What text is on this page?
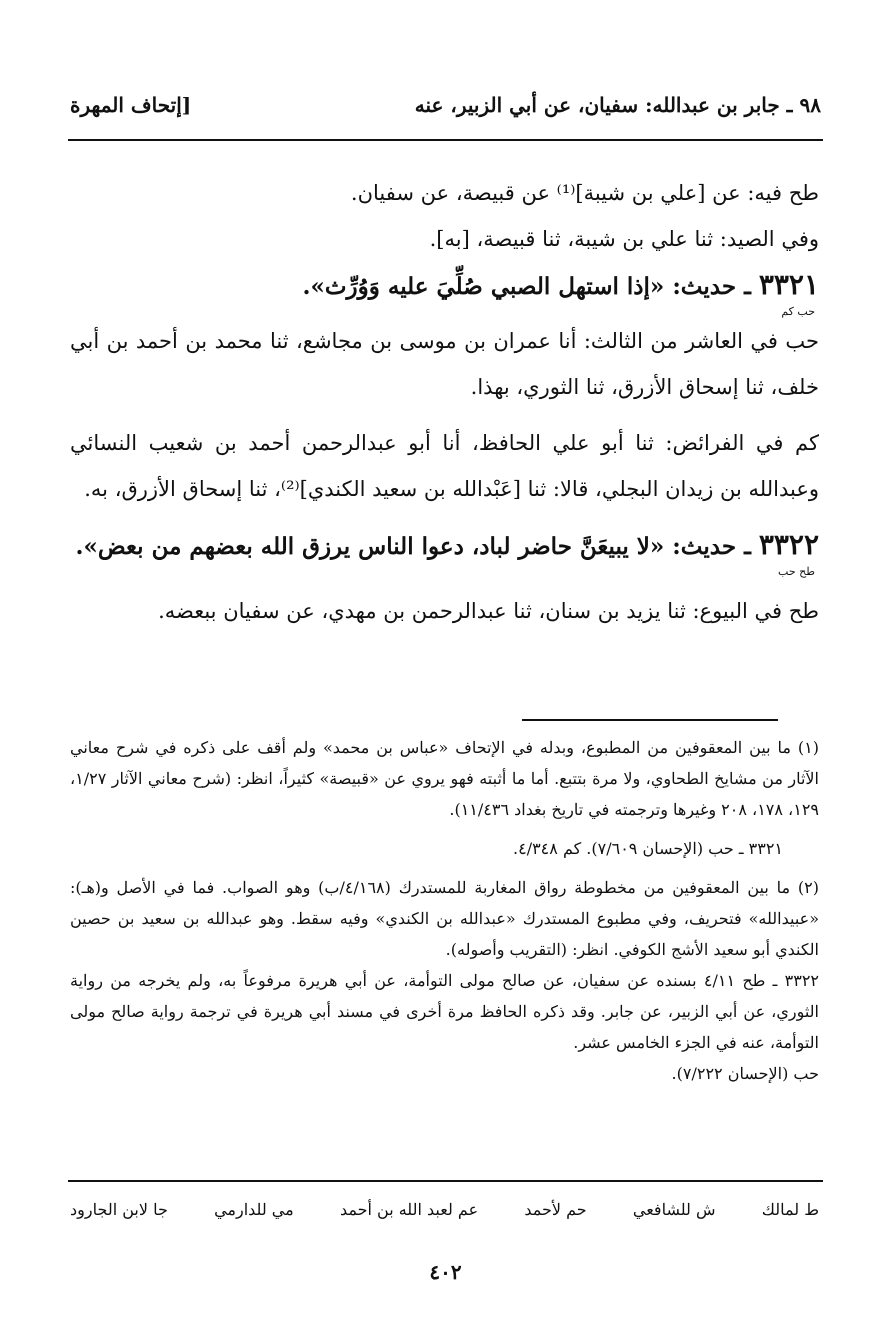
٩٨ ـ جابر بن عبدالله: سفيان، عن أبي الزبير، عنه
[إتحاف المهرة

طح فيه: عن [علي بن شيبة]⁽¹⁾ عن قبيصة، عن سفيان.

وفي الصيد: ثنا علي بن شيبة، ثنا قبيصة، [به].

٣٣٢١ ـ حديث: «إذا استهل الصبي صُلِّيَ عليه وَوُرِّث».

حب كم

حب في العاشر من الثالث: أنا عمران بن موسى بن مجاشع، ثنا محمد بن أحمد بن أبي خلف، ثنا إسحاق الأزرق، ثنا الثوري، بهذا.

كم في الفرائض: ثنا أبو علي الحافظ، أنا أبو عبدالرحمن أحمد بن شعيب النسائي وعبدالله بن زيدان البجلي، قالا: ثنا [عَبْدالله بن سعيد الكندي]⁽²⁾، ثنا إسحاق الأزرق، به.

٣٣٢٢ ـ حديث: «لا يبيعَنَّ حاضر لباد، دعوا الناس يرزق الله بعضهم من بعض».

طح حب

طح في البيوع: ثنا يزيد بن سنان، ثنا عبدالرحمن بن مهدي، عن سفيان ببعضه.

(١) ما بين المعقوفين من المطبوع، وبدله في الإتحاف «عباس بن محمد» ولم أقف على ذكره في شرح معاني الآثار من مشايخ الطحاوي، ولا مرة بتتبع. أما ما أثبته فهو يروي عن «قبيصة» كثيراً، انظر: (شرح معاني الآثار ١/٢٧، ١٢٩، ١٧٨، ٢٠٨ وغيرها وترجمته في تاريخ بغداد ١١/٤٣٦).

٣٣٢١ ـ حب (الإحسان ٧/٦٠٩). كم ٤/٣٤٨.

(٢) ما بين المعقوفين من مخطوطة رواق المغاربة للمستدرك (٤/١٦٨/ب) وهو الصواب. فما في الأصل و(هـ): «عبيدالله» فتحريف، وفي مطبوع المستدرك «عبدالله بن الكندي» وفيه سقط. وهو عبدالله بن سعيد بن حصين الكندي أبو سعيد الأشج الكوفي. انظر: (التقريب وأصوله).

٣٣٢٢ ـ طح ٤/١١ بسنده عن سفيان، عن صالح مولى التوأمة، عن أبي هريرة مرفوعاً به، ولم يخرجه من رواية الثوري، عن أبي الزبير، عن جابر. وقد ذكره الحافظ مرة أخرى في مسند أبي هريرة في ترجمة رواية صالح مولى التوأمة، عنه في الجزء الخامس عشر.

حب (الإحسان ٧/٢٢٢).

ط لمالك
ش للشافعي
حم لأحمد
عم لعبد الله بن أحمد
مي للدارمي
جا لابن الجارود
٤٠٢
